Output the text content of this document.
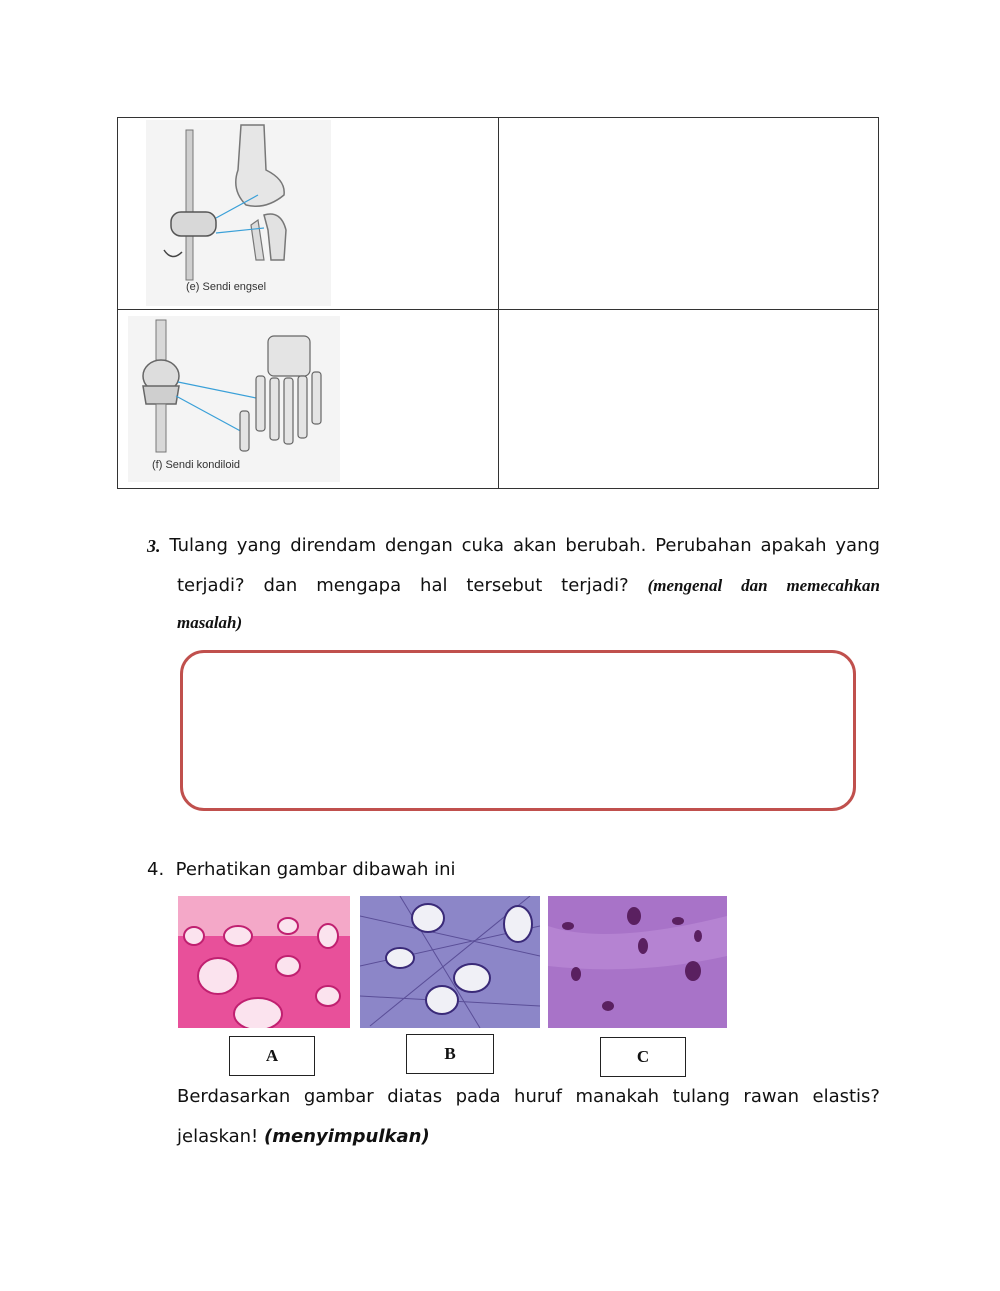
(e) Sendi engsel	

(f) Sendi kondiloid	

3. Tulang yang direndam dengan cuka akan berubah. Perubahan apakah yang
terjadi? dan mengapa hal tersebut terjadi? (mengenal dan memecahkan
masalah)
4. Perhatikan gambar dibawah ini
A	B	C
Berdasarkan gambar diatas pada huruf manakah tulang rawan elastis?
jelaskan! (menyimpulkan)
